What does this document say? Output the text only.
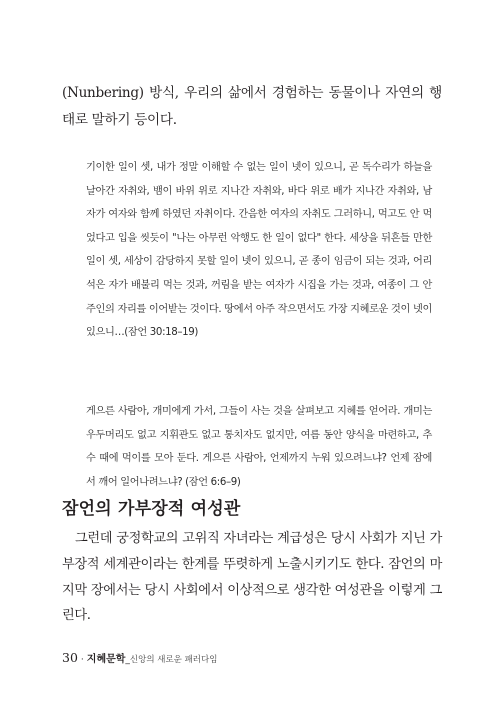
(Nunbering) 방식, 우리의 삶에서 경험하는 동물이나 자연의 행태로 말하기 등이다.

기이한 일이 셋, 내가 정말 이해할 수 없는 일이 넷이 있으니, 곧 독수리가 하늘을 날아간 자취와, 뱀이 바위 위로 지나간 자취와, 바다 위로 배가 지나간 자취와, 남자가 여자와 함께 하였던 자취이다. 간음한 여자의 자취도 그러하니, 먹고도 안 먹었다고 입을 씻듯이 "나는 아무런 악행도 한 일이 없다" 한다. 세상을 뒤흔들 만한 일이 셋, 세상이 감당하지 못할 일이 넷이 있으니, 곧 종이 임금이 되는 것과, 어리석은 자가 배불리 먹는 것과, 꺼림을 받는 여자가 시집을 가는 것과, 여종이 그 안주인의 자리를 이어받는 것이다. 땅에서 아주 작으면서도 가장 지혜로운 것이 넷이 있으니…(잠언 30:18–19)

게으른 사람아, 개미에게 가서, 그들이 사는 것을 살펴보고 지혜를 얻어라. 개미는 우두머리도 없고 지휘관도 없고 통치자도 없지만, 여름 동안 양식을 마련하고, 추수 때에 먹이를 모아 둔다. 게으른 사람아, 언제까지 누워 있으려느냐? 언제 잠에서 깨어 일어나려느냐? (잠언 6:6–9)

잠언의 가부장적 여성관

그런데 궁정학교의 고위직 자녀라는 계급성은 당시 사회가 지닌 가부장적 세계관이라는 한계를 뚜렷하게 노출시키기도 한다. 잠언의 마지막 장에서는 당시 사회에서 이상적으로 생각한 여성관을 이렇게 그린다.

30 · 지혜문학 _ 신앙의 새로운 패러다임
